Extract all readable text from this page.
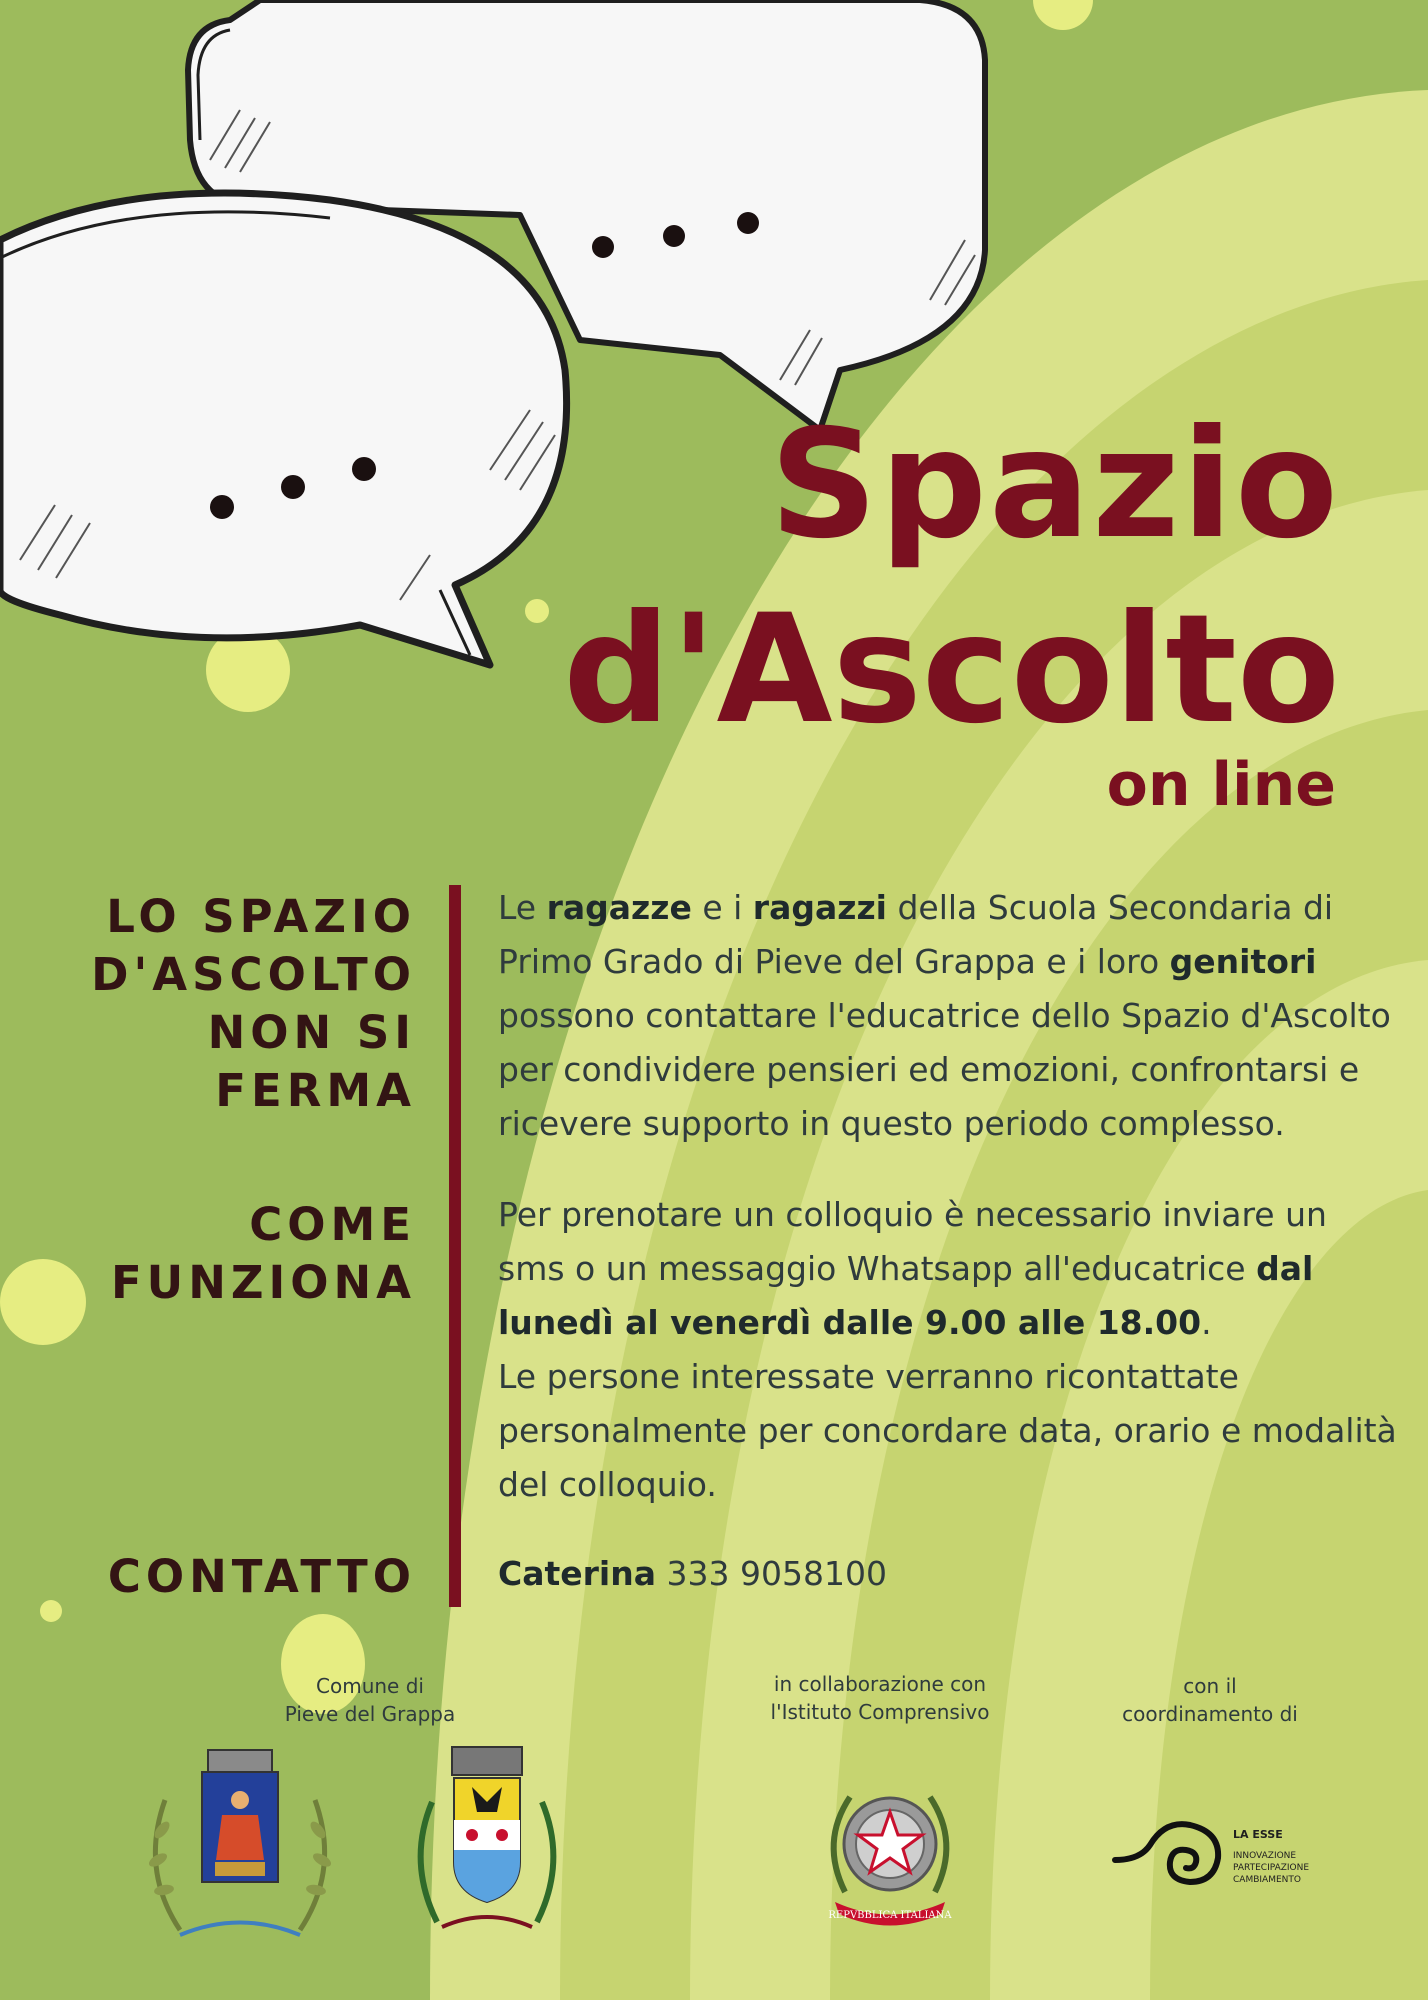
Spazio
d'Ascolto
on line
LO SPAZIO
D'ASCOLTO
NON SI
FERMA
COME
FUNZIONA
CONTATTO
Le ragazze e i ragazzi della Scuola Secondaria di Primo Grado di Pieve del Grappa e i loro genitori possono contattare l'educatrice dello Spazio d'Ascolto per condividere pensieri ed emozioni, confrontarsi e ricevere supporto in questo periodo complesso.
Per prenotare un colloquio è necessario inviare un sms o un messaggio Whatsapp all'educatrice dal lunedì al venerdì dalle 9.00 alle 18.00.
Le persone interessate verranno ricontattate personalmente per concordare data, orario e modalità del colloquio.
Caterina 333 9058100
Comune di
Pieve del Grappa
in collaborazione con
l'Istituto Comprensivo
con il
coordinamento di
REPVBBLICA ITALIANA
LA ESSE
INNOVAZIONE
PARTECIPAZIONE
CAMBIAMENTO
